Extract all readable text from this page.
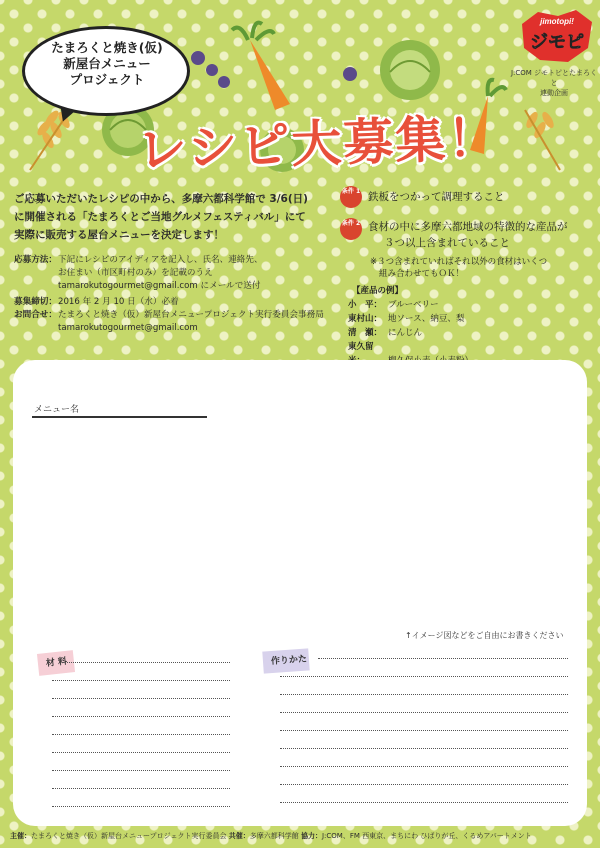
たまろくと焼き(仮)
新屋台メニュー
プロジェクト
jimotopi!
ジモピ
J:COM ジモトピとたまろくと
連動企画
レシピ大募集！
ご応募いただいたレシピの中から、多摩六都科学館で 3/6(日)
に開催される「たまろくとご当地グルメフェスティバル」にて
実際に販売する屋台メニューを決定します！
応募方法：下記にレシピのアイディアを記入し、氏名、連絡先、
お住まい（市区町村のみ）を記載のうえ
tamarokutogourmet@gmail.com にメールで送付
募集締切：2016 年 2 月 10 日（水）必着
お問合せ：たまろくと焼き（仮）新屋台メニュープロジェクト実行委員会事務局
tamarokutogourmet@gmail.com
条件 1 鉄板をつかって調理すること
条件 2 食材の中に多摩六都地域の特徴的な産品が
３つ以上含まれていること
※３つ含まれていればそれ以外の食材はいくつ
組み合わせてもＯＫ！
【産品の例】
小　平： ブルーベリー
東村山： 地ソース、納豆、梨
清　瀬： にんじん
東久留
メニュー名
↑イメージ図などをご自由にお書きください
材料	作りかた
主催：たまろくと焼き（仮）新屋台メニュープロジェクト実行委員会 共催：多摩六都科学館 協力：J:COM、FM 西東京、まちにわ ひばりが丘、くるめアパートメント
